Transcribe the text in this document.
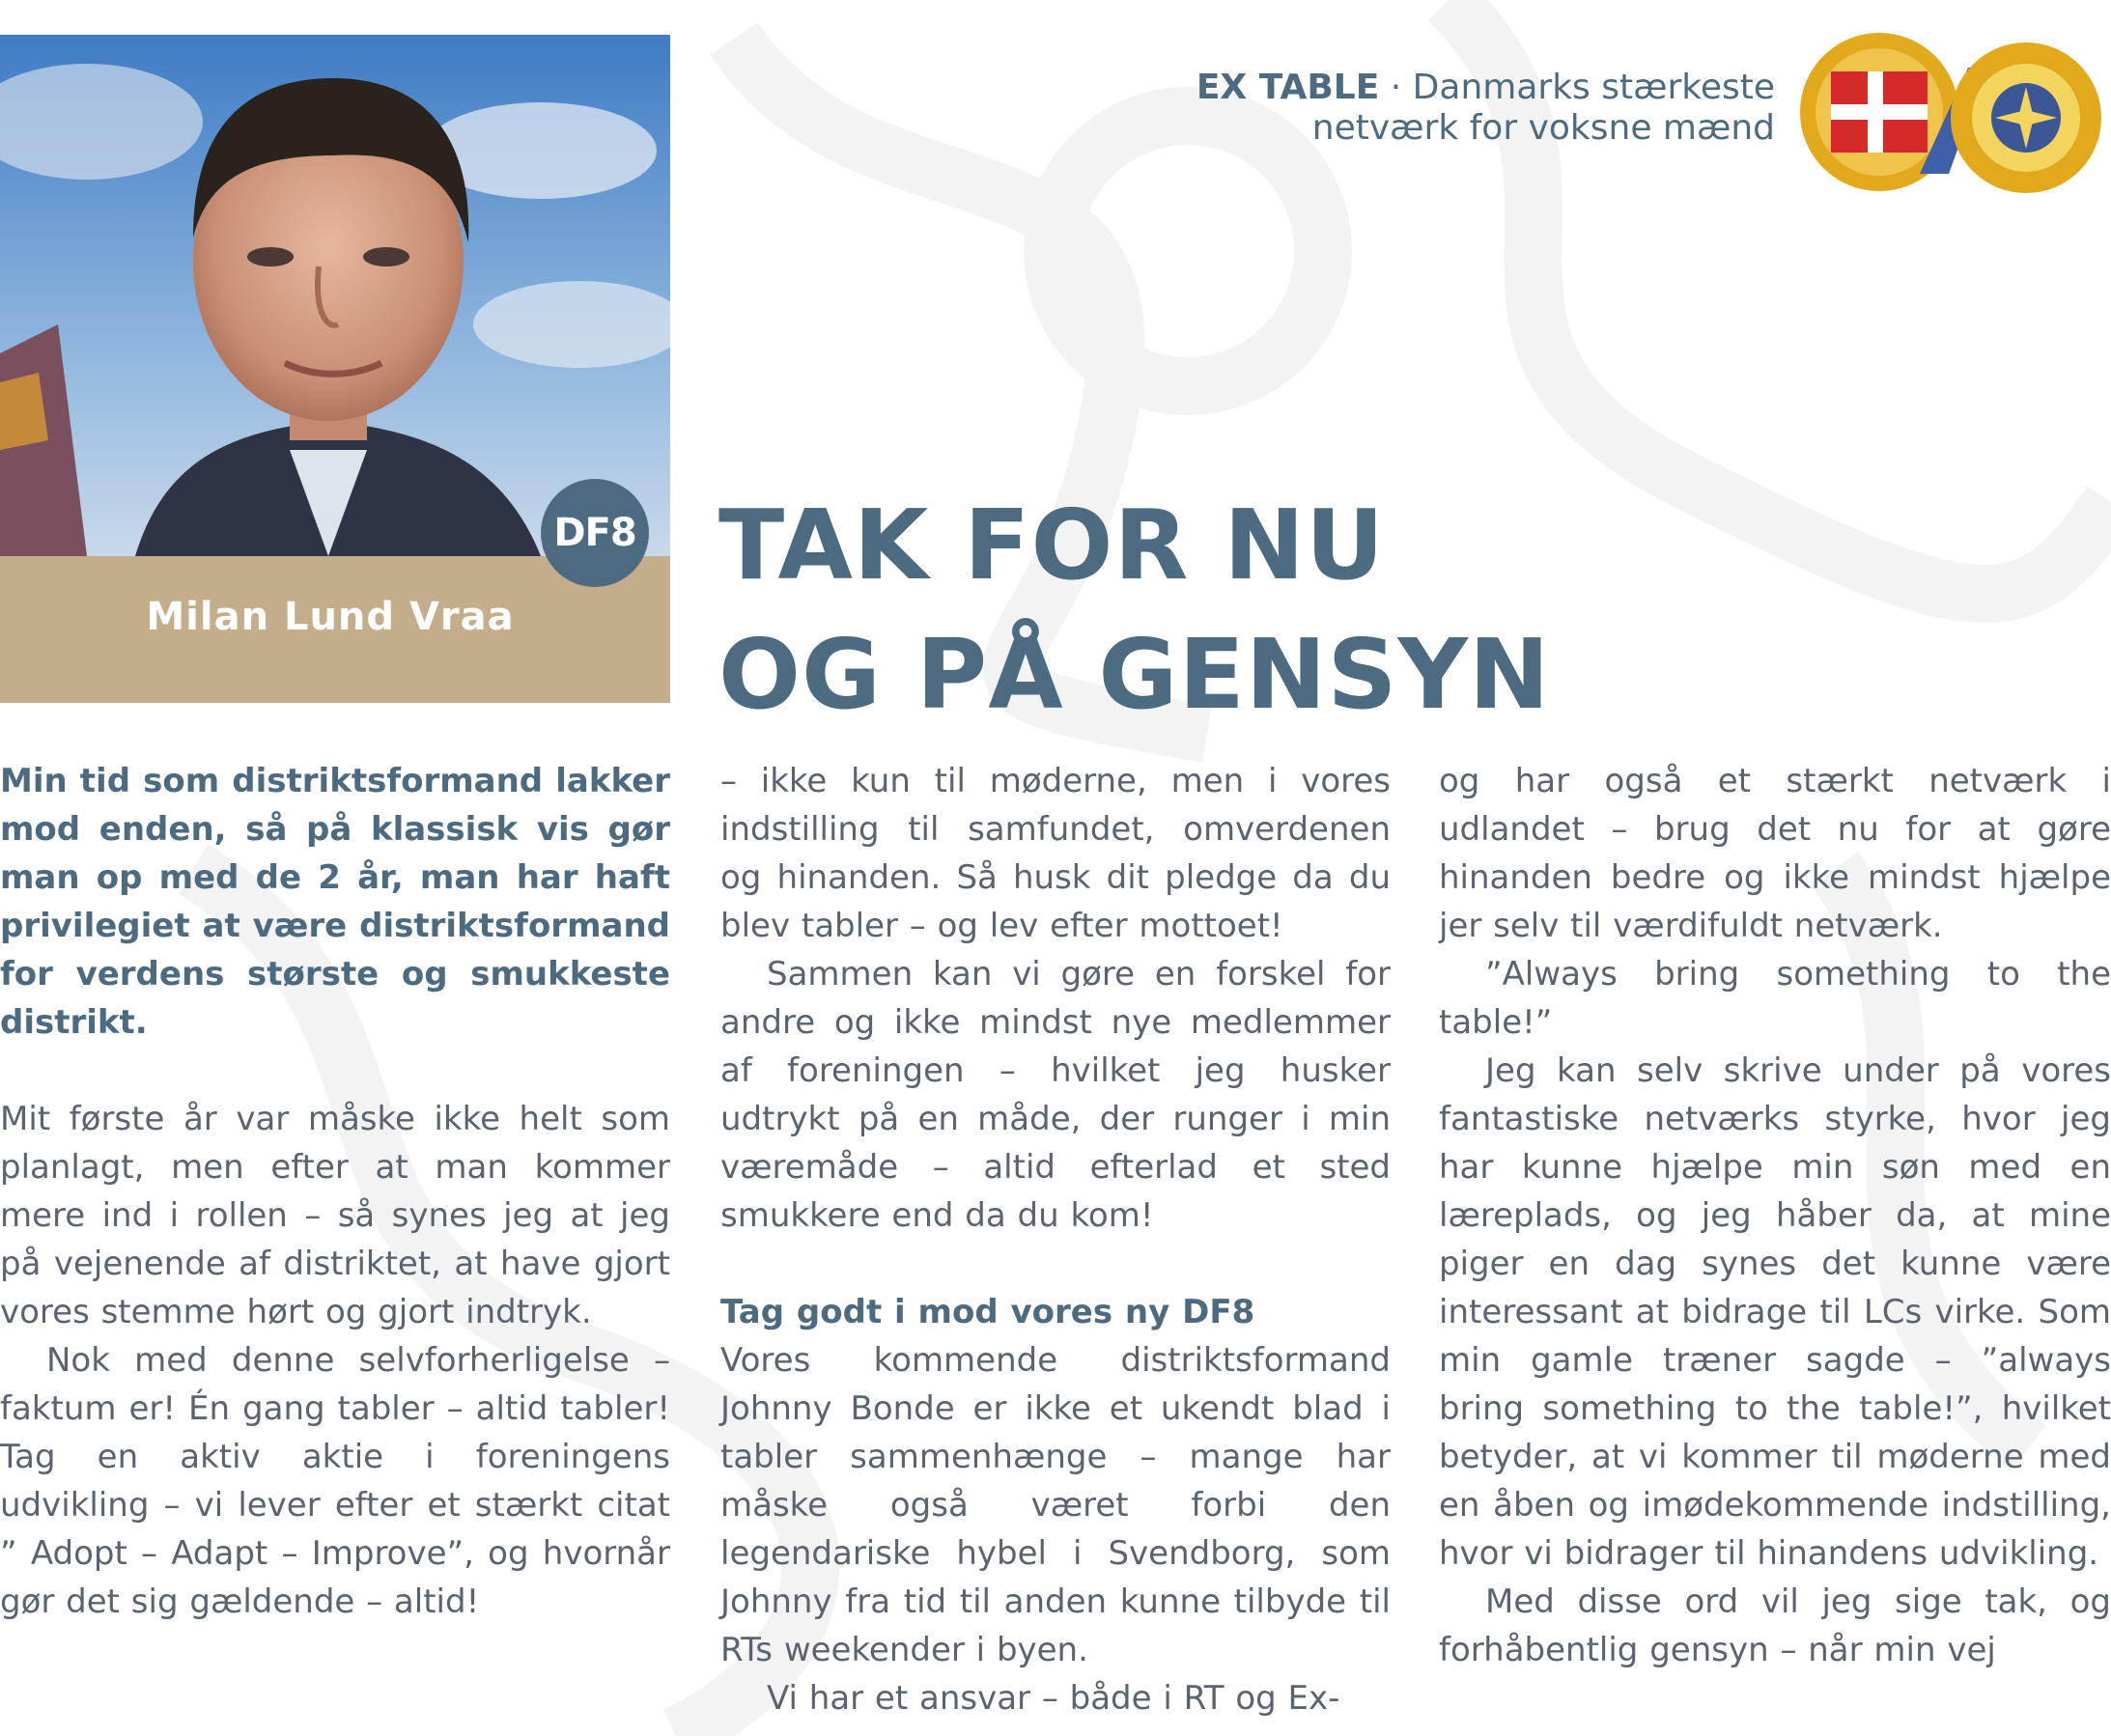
Milan Lund Vraa
DF8
EX TABLE · Danmarks stærkeste
netværk for voksne mænd
TAK FOR NU
OG PÅ GENSYN

Min tid som distriktsformand lakker mod enden, så på klassisk vis gør man op med de 2 år, man har haft privilegiet at være distriktsformand for verdens største og smukkeste distrikt.

Mit første år var måske ikke helt som planlagt, men efter at man kommer mere ind i rollen – så synes jeg at jeg på vejenende af distriktet, at have gjort vores stemme hørt og gjort indtryk.

Nok med denne selvforherligelse – faktum er! Én gang tabler – altid tabler! Tag en aktiv aktie i foreningens udvikling – vi lever efter et stærkt citat ” Adopt – Adapt – Improve”, og hvornår gør det sig gældende – altid!

– ikke kun til møderne, men i vores indstilling til samfundet, omverdenen og hinanden. Så husk dit pledge da du blev tabler – og lev efter mottoet!

Sammen kan vi gøre en forskel for andre og ikke mindst nye medlemmer af foreningen – hvilket jeg husker udtrykt på en måde, der runger i min væremåde – altid efterlad et sted smukkere end da du kom!

Tag godt i mod vores ny DF8

Vores kommende distriktsformand Johnny Bonde er ikke et ukendt blad i tabler sammenhænge – mange har måske også været forbi den legendariske hybel i Svendborg, som Johnny fra tid til anden kunne tilbyde til RTs weekender i byen.

Vi har et ansvar – både i RT og Ex-

og har også et stærkt netværk i udlandet – brug det nu for at gøre hinanden bedre og ikke mindst hjælpe jer selv til værdifuldt netværk.

”Always bring something to the table!”

Jeg kan selv skrive under på vores fantastiske netværks styrke, hvor jeg har kunne hjælpe min søn med en læreplads, og jeg håber da, at mine piger en dag synes det kunne være interessant at bidrage til LCs virke. Som min gamle træner sagde – ”always bring something to the table!”, hvilket betyder, at vi kommer til møderne med en åben og imødekommende indstilling, hvor vi bidrager til hinandens udvikling.

Med disse ord vil jeg sige tak, og forhåbentlig gensyn – når min vej
